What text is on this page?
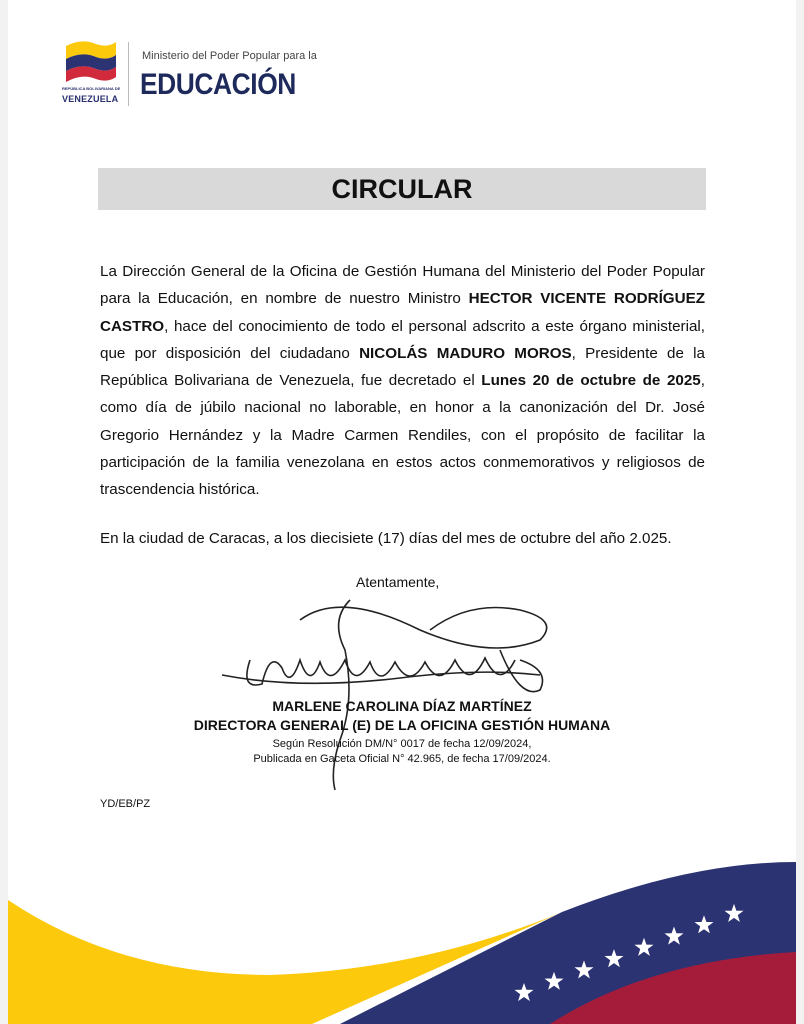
REPÚBLICA BOLIVARIANA DE
VENEZUELA
Ministerio del Poder Popular para la
EDUCACIÓN
CIRCULAR

La Dirección General de la Oficina de Gestión Humana del Ministerio del Poder Popular para la Educación, en nombre de nuestro Ministro HECTOR VICENTE RODRÍGUEZ CASTRO, hace del conocimiento de todo el personal adscrito a este órgano ministerial, que por disposición del ciudadano NICOLÁS MADURO MOROS, Presidente de la República Bolivariana de Venezuela, fue decretado el Lunes 20 de octubre de 2025, como día de júbilo nacional no laborable, en honor a la canonización del Dr. José Gregorio Hernández y la Madre Carmen Rendiles, con el propósito de facilitar la participación de la familia venezolana en estos actos conmemorativos y religiosos de trascendencia histórica.

En la ciudad de Caracas, a los diecisiete (17) días del mes de octubre del año 2.025.
Atentamente,
MARLENE CAROLINA DÍAZ MARTÍNEZ
DIRECTORA GENERAL (E) DE LA OFICINA GESTIÓN HUMANA
Según Resolución DM/N° 0017 de fecha 12/09/2024,
Publicada en Gaceta Oficial N° 42.965, de fecha 17/09/2024.
YD/EB/PZ
